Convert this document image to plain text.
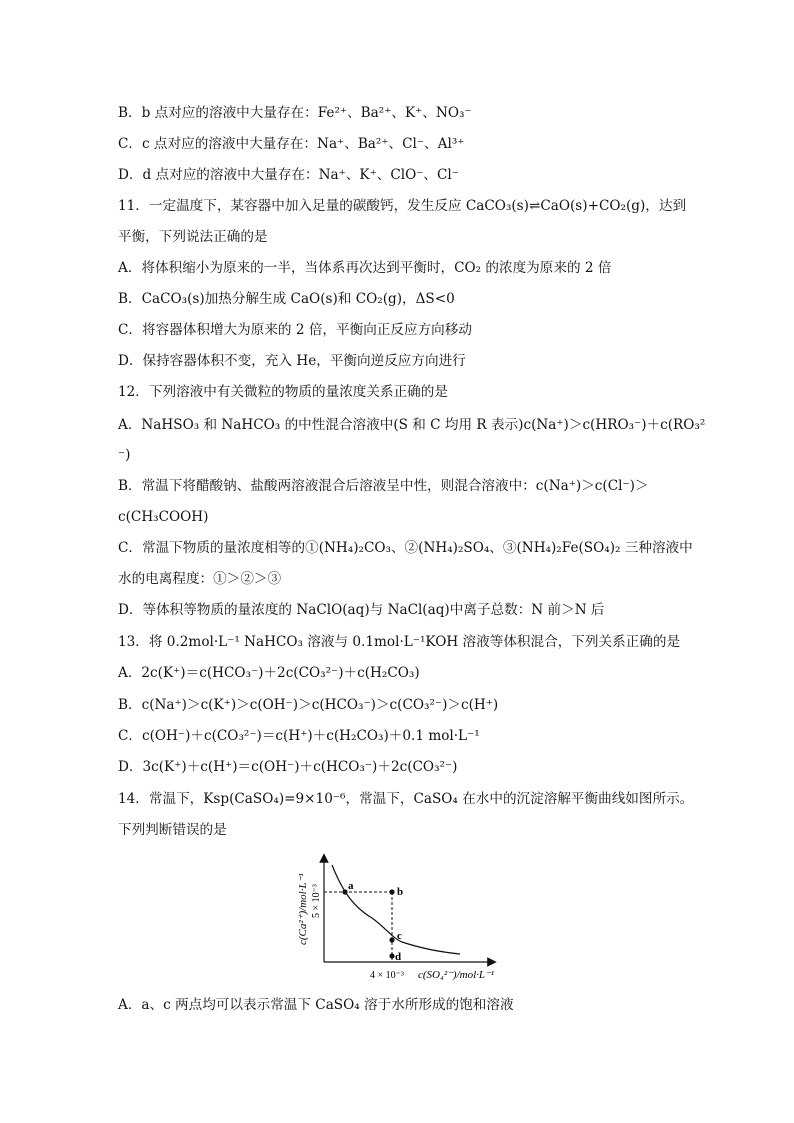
B．b 点对应的溶液中大量存在：Fe²⁺、Ba²⁺、K⁺、NO₃⁻
C．c 点对应的溶液中大量存在：Na⁺、Ba²⁺、Cl⁻、Al³⁺
D．d 点对应的溶液中大量存在：Na⁺、K⁺、ClO⁻、Cl⁻
11．一定温度下，某容器中加入足量的碳酸钙，发生反应 CaCO₃(s)⇌CaO(s)+CO₂(g)，达到
平衡，下列说法正确的是
A．将体积缩小为原来的一半，当体系再次达到平衡时，CO₂ 的浓度为原来的 2 倍
B．CaCO₃(s)加热分解生成 CaO(s)和 CO₂(g)，ΔS<0
C．将容器体积增大为原来的 2 倍，平衡向正反应方向移动
D．保持容器体积不变，充入 He，平衡向逆反应方向进行
12．下列溶液中有关微粒的物质的量浓度关系正确的是
A．NaHSO₃ 和 NaHCO₃ 的中性混合溶液中(S 和 C 均用 R 表示)c(Na⁺)＞c(HRO₃⁻)＋c(RO₃²
⁻)
B．常温下将醋酸钠、盐酸两溶液混合后溶液呈中性，则混合溶液中：c(Na⁺)＞c(Cl⁻)＞
c(CH₃COOH)
C．常温下物质的量浓度相等的①(NH₄)₂CO₃、②(NH₄)₂SO₄、③(NH₄)₂Fe(SO₄)₂ 三种溶液中
水的电离程度：①＞②＞③
D．等体积等物质的量浓度的 NaClO(aq)与 NaCl(aq)中离子总数：N 前＞N 后
13．将 0.2mol·L⁻¹ NaHCO₃ 溶液与 0.1mol·L⁻¹KOH 溶液等体积混合，下列关系正确的是
A．2c(K⁺)＝c(HCO₃⁻)＋2c(CO₃²⁻)＋c(H₂CO₃)
B．c(Na⁺)＞c(K⁺)＞c(OH⁻)＞c(HCO₃⁻)＞c(CO₃²⁻)＞c(H⁺)
C．c(OH⁻)＋c(CO₃²⁻)＝c(H⁺)＋c(H₂CO₃)＋0.1 mol·L⁻¹
D．3c(K⁺)＋c(H⁺)＝c(OH⁻)＋c(HCO₃⁻)＋2c(CO₃²⁻)
14．常温下，Ksp(CaSO₄)=9×10⁻⁶，常温下，CaSO₄ 在水中的沉淀溶解平衡曲线如图所示。
下列判断错误的是
A．a、c 两点均可以表示常温下 CaSO₄ 溶于水所形成的饱和溶液
a	b
c
d
c(Ca²⁺)/mol·L⁻¹ 5 × 10⁻³
4 × 10⁻³ c(SO₄²⁻)/mol·L⁻¹
